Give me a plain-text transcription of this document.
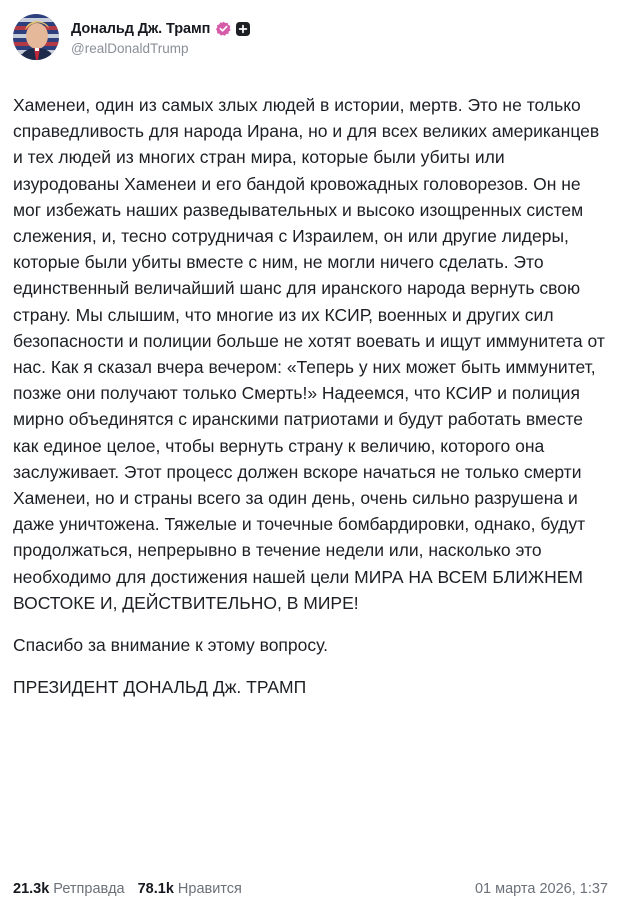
Дональд Дж. Трамп
@realDonaldTrump

Хаменеи, один из самых злых людей в истории, мертв. Это не только справедливость для народа Ирана, но и для всех великих американцев и тех людей из многих стран мира, которые были убиты или изуродованы Хаменеи и его бандой кровожадных головорезов. Он не мог избежать наших разведывательных и высоко изощренных систем слежения, и, тесно сотрудничая с Израилем, он или другие лидеры, которые были убиты вместе с ним, не могли ничего сделать. Это единственный величайший шанс для иранского народа вернуть свою страну. Мы слышим, что многие из их КСИР, военных и других сил безопасности и полиции больше не хотят воевать и ищут иммунитета от нас. Как я сказал вчера вечером: «Теперь у них может быть иммунитет, позже они получают только Смерть!» Надеемся, что КСИР и полиция мирно объединятся с иранскими патриотами и будут работать вместе как единое целое, чтобы вернуть страну к величию, которого она заслуживает. Этот процесс должен вскоре начаться не только смерти Хаменеи, но и страны всего за один день, очень сильно разрушена и даже уничтожена. Тяжелые и точечные бомбардировки, однако, будут продолжаться, непрерывно в течение недели или, насколько это необходимо для достижения нашей цели МИРА НА ВСЕМ БЛИЖНЕМ ВОСТОКЕ И, ДЕЙСТВИТЕЛЬНО, В МИРЕ!

Спасибо за внимание к этому вопросу.

ПРЕЗИДЕНТ ДОНАЛЬД Дж. ТРАМП

21.3k Ретправда 78.1k Нравится	01 марта 2026, 1:37
